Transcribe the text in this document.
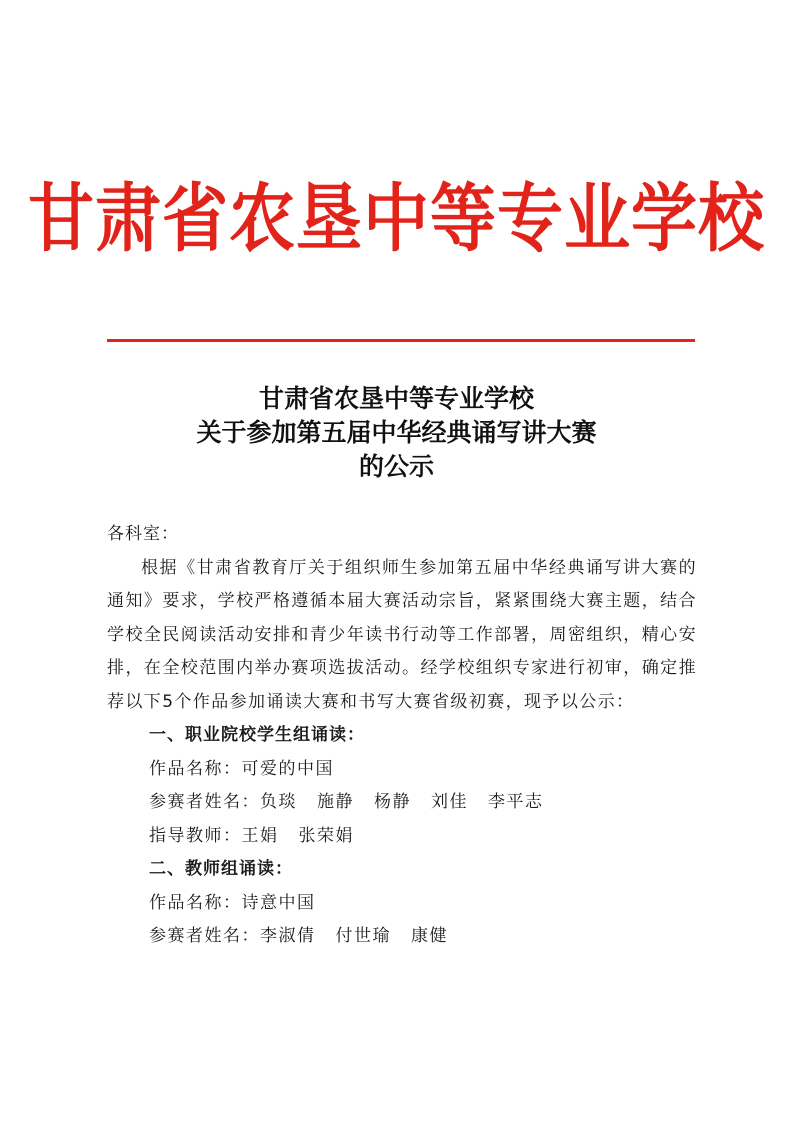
甘肃省农垦中等专业学校
甘肃省农垦中等专业学校
关于参加第五届中华经典诵写讲大赛
的公示
各科室：
根据《甘肃省教育厅关于组织师生参加第五届中华经典诵写讲大赛的通知》要求，学校严格遵循本届大赛活动宗旨，紧紧围绕大赛主题，结合学校全民阅读活动安排和青少年读书行动等工作部署，周密组织，精心安排，在全校范围内举办赛项选拔活动。经学校组织专家进行初审，确定推荐以下5个作品参加诵读大赛和书写大赛省级初赛，现予以公示：
一、职业院校学生组诵读：
作品名称：可爱的中国
参赛者姓名：负琰 施静 杨静 刘佳 李平志
指导教师：王娟 张荣娟
二、教师组诵读：
作品名称：诗意中国
参赛者姓名：李淑倩 付世瑜 康健
